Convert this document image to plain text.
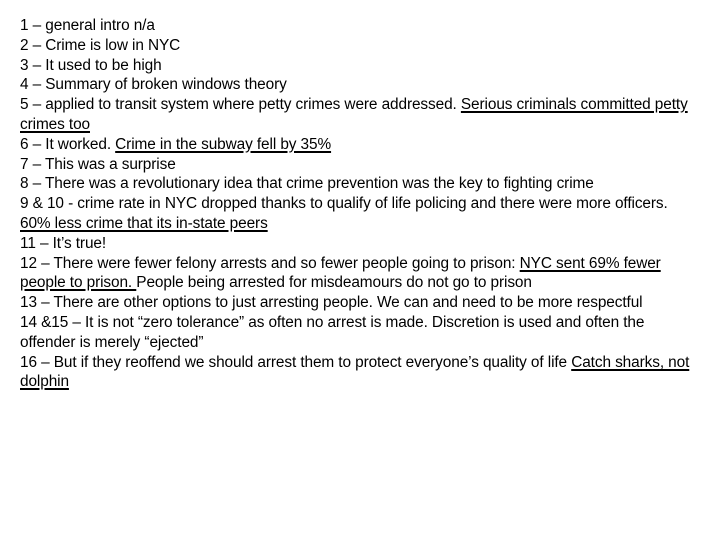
1 – general intro n/a
2 – Crime is low in NYC
3 – It used to be high
4 – Summary of broken windows theory
5 – applied to transit system where petty crimes were addressed. Serious criminals committed petty crimes too
6 – It worked. Crime in the subway fell by 35%
7 – This was a surprise
8 – There was a revolutionary idea that crime prevention was the key to fighting crime
9 & 10 - crime rate in NYC dropped thanks to qualify of life policing and there were more officers. 60% less crime that its in-state peers
11 – It’s true!
12 – There were fewer felony arrests and so fewer people going to prison: NYC sent 69% fewer people to prison. People being arrested for misdeamours do not go to prison
13 – There are other options to just arresting people. We can and need to be more respectful
14 &15 – It is not “zero tolerance” as often no arrest is made. Discretion is used and often the offender is merely “ejected”
16 – But if they reoffend we should arrest them to protect everyone’s quality of life Catch sharks, not dolphin
